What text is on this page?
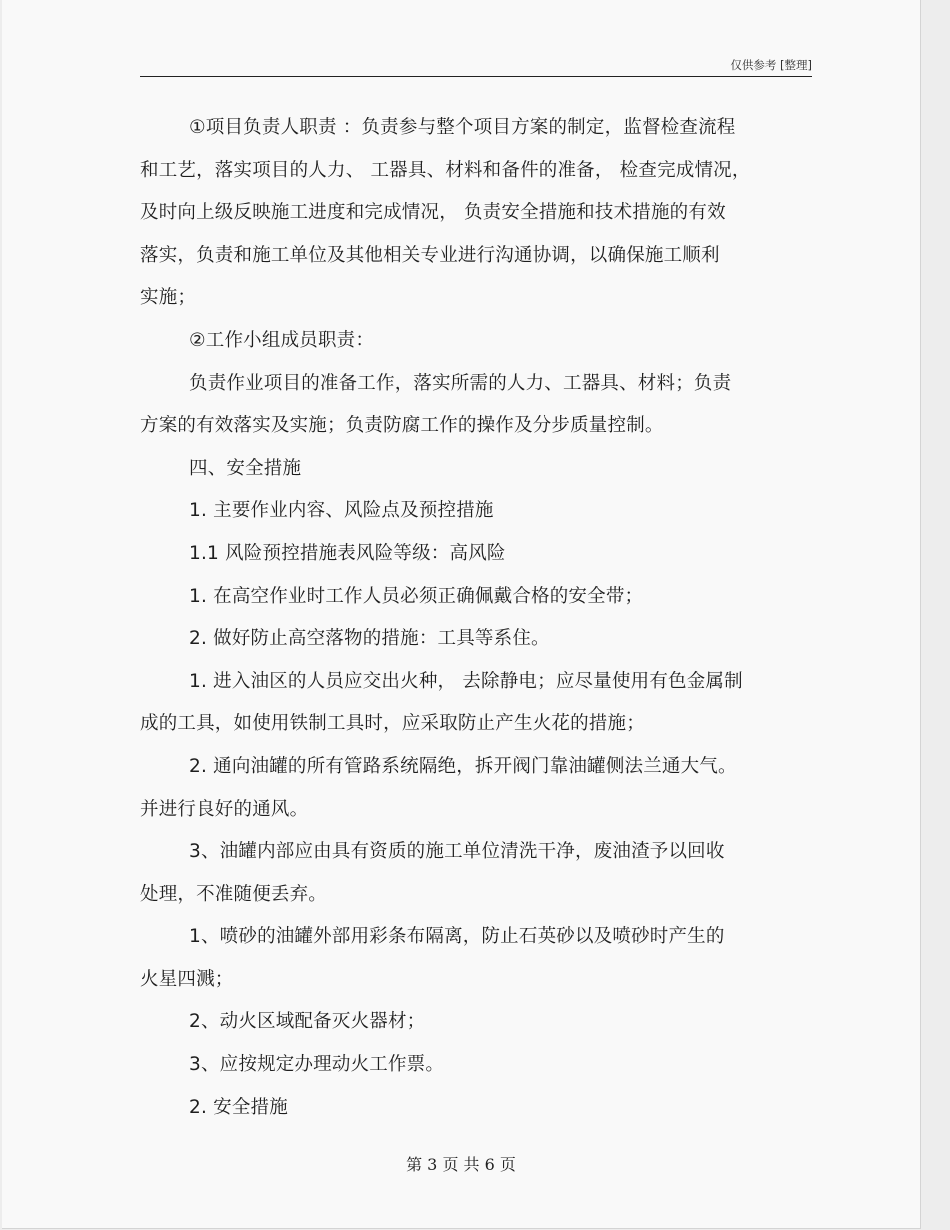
仅供参考 [整理]
①项目负责人职责 ：负责参与整个项目方案的制定，监督检查流程
和工艺，落实项目的人力、 工器具、材料和备件的准备， 检查完成情况，
及时向上级反映施工进度和完成情况， 负责安全措施和技术措施的有效
落实，负责和施工单位及其他相关专业进行沟通协调，以确保施工顺利
实施；
②工作小组成员职责：
负责作业项目的准备工作，落实所需的人力、工器具、材料；负责
方案的有效落实及实施；负责防腐工作的操作及分步质量控制。
四、安全措施
1. 主要作业内容、风险点及预控措施
1.1 风险预控措施表风险等级：高风险
1. 在高空作业时工作人员必须正确佩戴合格的安全带；
2. 做好防止高空落物的措施：工具等系住。
1. 进入油区的人员应交出火种， 去除静电；应尽量使用有色金属制
成的工具，如使用铁制工具时，应采取防止产生火花的措施；
2. 通向油罐的所有管路系统隔绝，拆开阀门靠油罐侧法兰通大气。
并进行良好的通风。
3、油罐内部应由具有资质的施工单位清洗干净，废油渣予以回收
处理，不准随便丢弃。
1、喷砂的油罐外部用彩条布隔离，防止石英砂以及喷砂时产生的
火星四溅；
2、动火区域配备灭火器材；
3、应按规定办理动火工作票。
2. 安全措施
第 3 页 共 6 页
